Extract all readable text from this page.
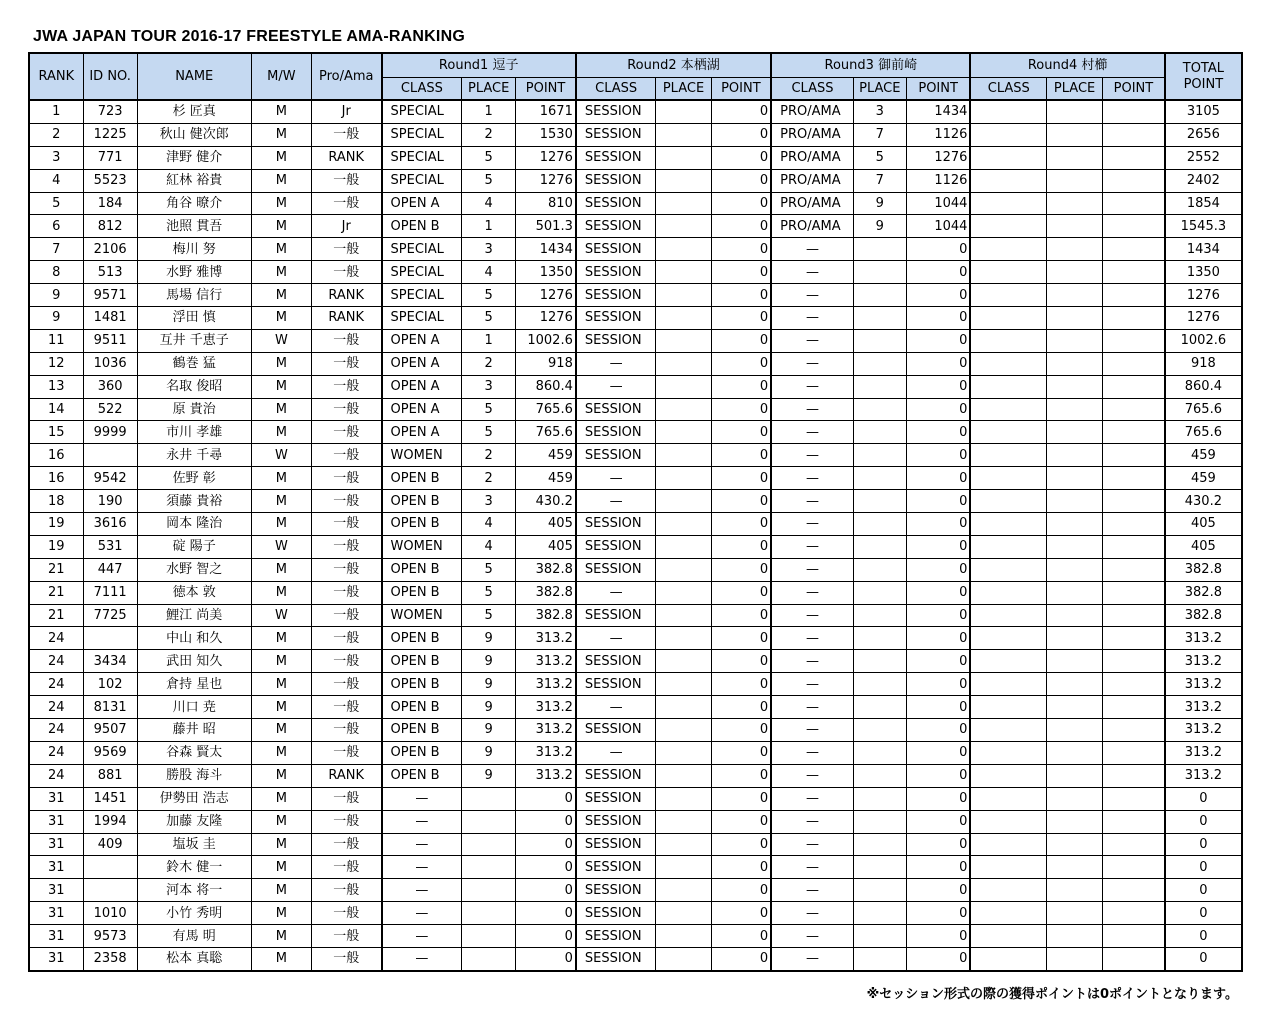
JWA JAPAN TOUR 2016-17 FREESTYLE AMA-RANKING
RANK	ID NO.	NAME	M/W	Pro/Ama	Round1 逗子			Round2 本栖湖			Round3 御前崎			Round4 村櫛			TOTAL POINT
					CLASS	PLACE	POINT	CLASS	PLACE	POINT	CLASS	PLACE	POINT	CLASS	PLACE	POINT	
1	723	杉 匠真	M	Jr	SPECIAL	1	1671	SESSION		0	PRO/AMA	3	1434				3105
2	1225	秋山 健次郎	M	一般	SPECIAL	2	1530	SESSION		0	PRO/AMA	7	1126				2656
3	771	津野 健介	M	RANK	SPECIAL	5	1276	SESSION		0	PRO/AMA	5	1276				2552
4	5523	紅林 裕貴	M	一般	SPECIAL	5	1276	SESSION		0	PRO/AMA	7	1126				2402
5	184	角谷 暸介	M	一般	OPEN A	4	810	SESSION		0	PRO/AMA	9	1044				1854
6	812	池照 貫吾	M	Jr	OPEN B	1	501.3	SESSION		0	PRO/AMA	9	1044				1545.3
7	2106	梅川 努	M	一般	SPECIAL	3	1434	SESSION		0	—		0				1434
8	513	水野 雅博	M	一般	SPECIAL	4	1350	SESSION		0	—		0				1350
9	9571	馬場 信行	M	RANK	SPECIAL	5	1276	SESSION		0	—		0				1276
9	1481	浮田 慎	M	RANK	SPECIAL	5	1276	SESSION		0	—		0				1276
11	9511	互井 千恵子	W	一般	OPEN A	1	1002.6	SESSION		0	—		0				1002.6
12	1036	鶴巻 猛	M	一般	OPEN A	2	918	—		0	—		0				918
13	360	名取 俊昭	M	一般	OPEN A	3	860.4	—		0	—		0				860.4
14	522	原 貴治	M	一般	OPEN A	5	765.6	SESSION		0	—		0				765.6
15	9999	市川 孝雄	M	一般	OPEN A	5	765.6	SESSION		0	—		0				765.6
16		永井 千尋	W	一般	WOMEN	2	459	SESSION		0	—		0				459
16	9542	佐野 彰	M	一般	OPEN B	2	459	—		0	—		0				459
18	190	須藤 貴裕	M	一般	OPEN B	3	430.2	—		0	—		0				430.2
19	3616	岡本 隆治	M	一般	OPEN B	4	405	SESSION		0	—		0				405
19	531	碇 陽子	W	一般	WOMEN	4	405	SESSION		0	—		0				405
21	447	水野 智之	M	一般	OPEN B	5	382.8	SESSION		0	—		0				382.8
21	7111	徳本 敦	M	一般	OPEN B	5	382.8	—		0	—		0				382.8
21	7725	鯉江 尚美	W	一般	WOMEN	5	382.8	SESSION		0	—		0				382.8
24		中山 和久	M	一般	OPEN B	9	313.2	—		0	—		0				313.2
24	3434	武田 知久	M	一般	OPEN B	9	313.2	SESSION		0	—		0				313.2
24	102	倉持 星也	M	一般	OPEN B	9	313.2	SESSION		0	—		0				313.2
24	8131	川口 尭	M	一般	OPEN B	9	313.2	—		0	—		0				313.2
24	9507	藤井 昭	M	一般	OPEN B	9	313.2	SESSION		0	—		0				313.2
24	9569	谷森 賢太	M	一般	OPEN B	9	313.2	—		0	—		0				313.2
24	881	勝股 海斗	M	RANK	OPEN B	9	313.2	SESSION		0	—		0				313.2
31	1451	伊勢田 浩志	M	一般	—		0	SESSION		0	—		0				0
31	1994	加藤 友隆	M	一般	—		0	SESSION		0	—		0				0
31	409	塩坂 圭	M	一般	—		0	SESSION		0	—		0				0
31		鈴木 健一	M	一般	—		0	SESSION		0	—		0				0
31		河本 将一	M	一般	—		0	SESSION		0	—		0				0
31	1010	小竹 秀明	M	一般	—		0	SESSION		0	—		0				0
31	9573	有馬 明	M	一般	—		0	SESSION		0	—		0				0
31	2358	松本 真聡	M	一般	—		0	SESSION		0	—		0				0
※セッション形式の際の獲得ポイントは0ポイントとなります。
